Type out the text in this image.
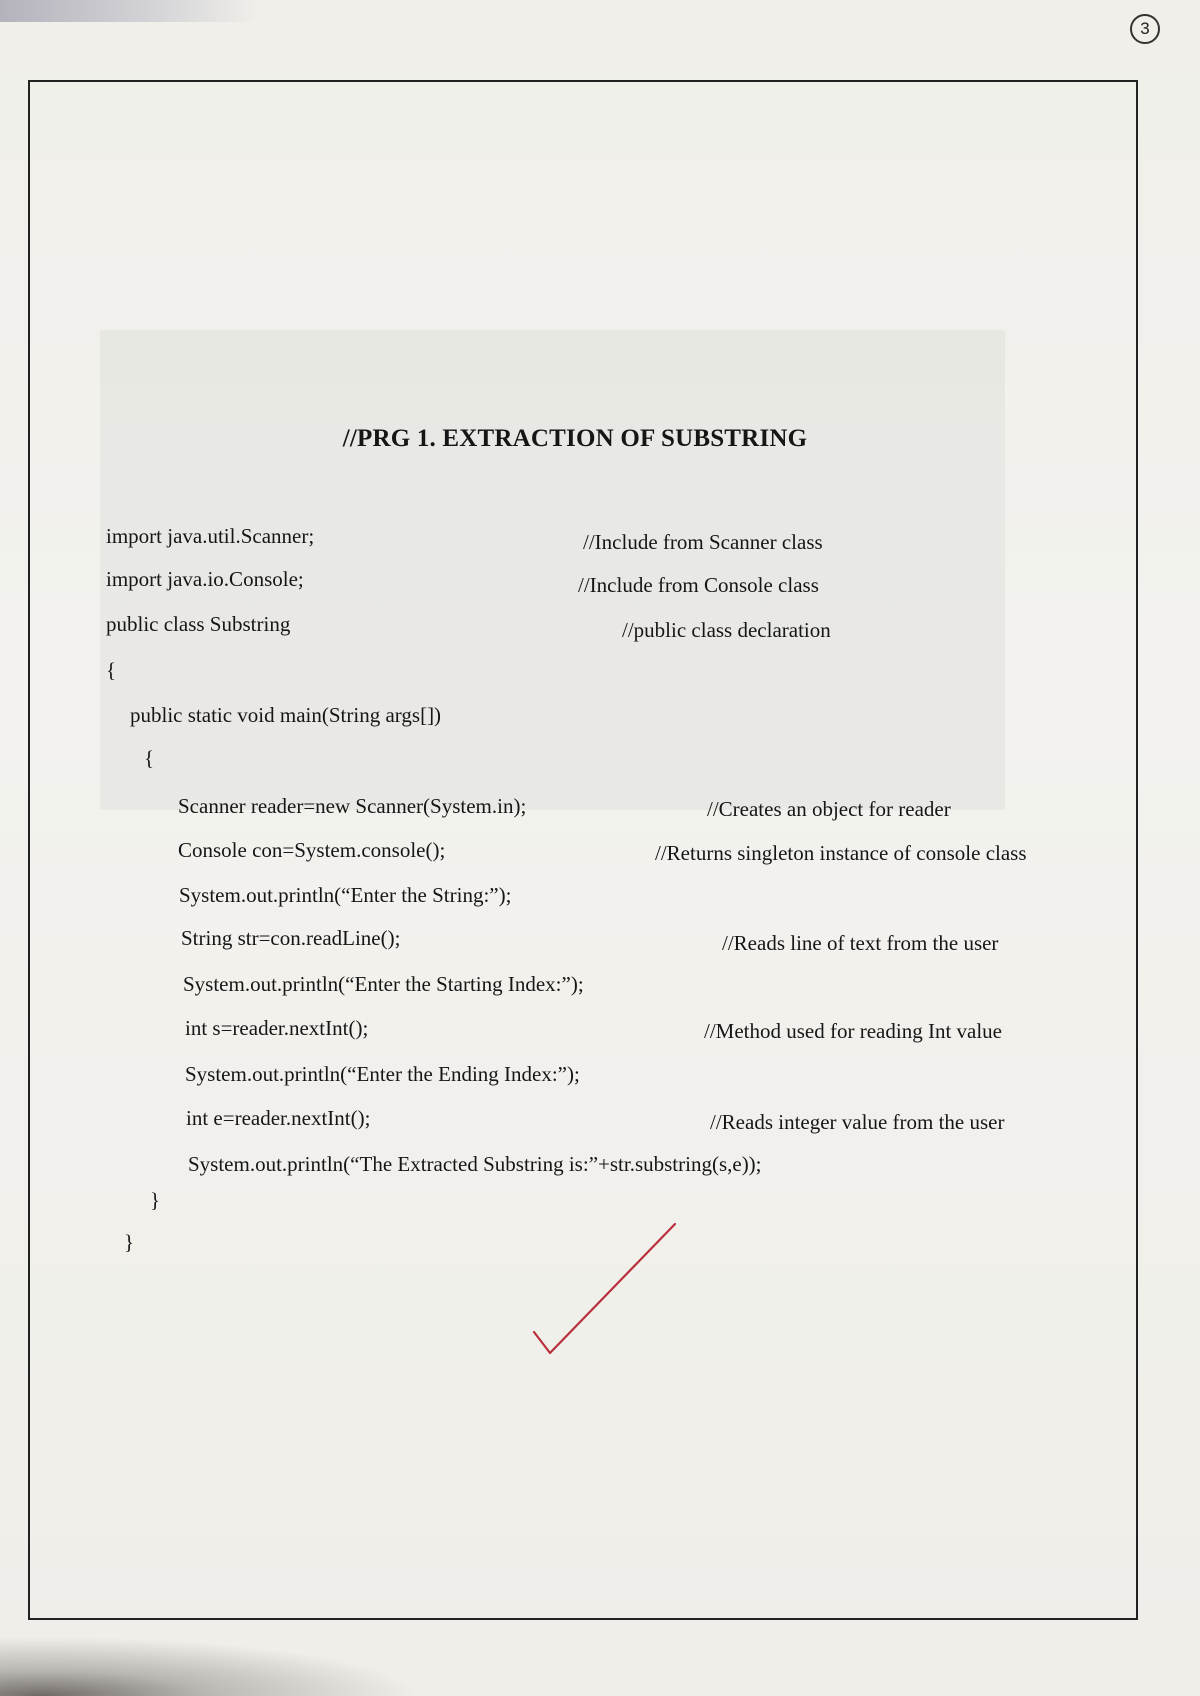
3
//PRG 1. EXTRACTION OF SUBSTRING
import java.util.Scanner;	//Include from Scanner class
import java.io.Console;	//Include from Console class
public class Substring	//public class declaration
{
public static void main(String args[])
{
Scanner reader=new Scanner(System.in);	//Creates an object for reader
Console con=System.console();	//Returns singleton instance of console class
System.out.println(“Enter the String:”);
String str=con.readLine();	//Reads line of text from the user
System.out.println(“Enter the Starting Index:”);
int s=reader.nextInt();	//Method used for reading Int value
System.out.println(“Enter the Ending Index:”);
int e=reader.nextInt();	//Reads integer value from the user
System.out.println(“The Extracted Substring is:”+str.substring(s,e));
}
}
